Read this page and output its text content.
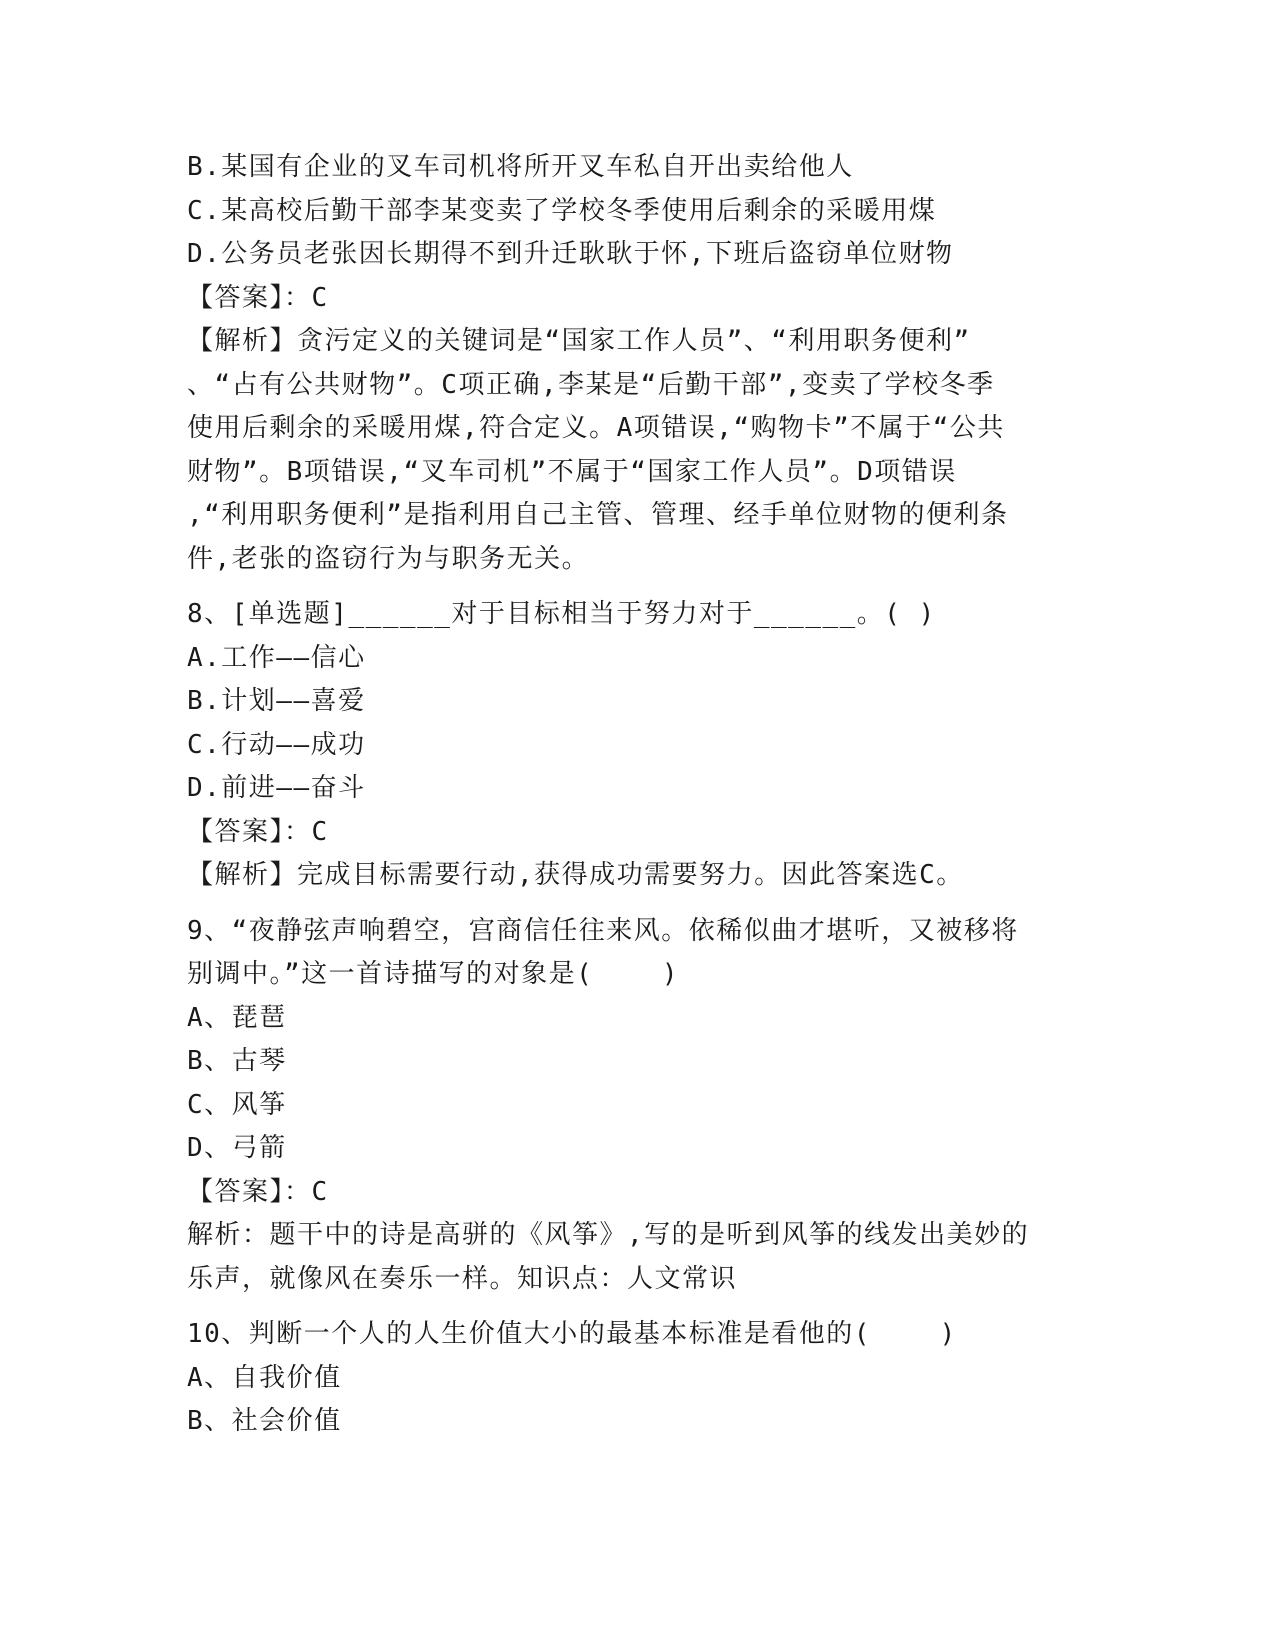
B.某国有企业的叉车司机将所开叉车私自开出卖给他人
C.某高校后勤干部李某变卖了学校冬季使用后剩余的采暖用煤
D.公务员老张因长期得不到升迁耿耿于怀,下班后盗窃单位财物
【答案】：C
【解析】贪污定义的关键词是“国家工作人员”、“利用职务便利”
、“占有公共财物”。C项正确,李某是“后勤干部”,变卖了学校冬季
使用后剩余的采暖用煤,符合定义。A项错误,“购物卡”不属于“公共
财物”。B项错误,“叉车司机”不属于“国家工作人员”。D项错误
,“利用职务便利”是指利用自己主管、管理、经手单位财物的便利条
件,老张的盗窃行为与职务无关。
8、[单选题]______对于目标相当于努力对于______。( )
A.工作——信心
B.计划——喜爱
C.行动——成功
D.前进——奋斗
【答案】：C
【解析】完成目标需要行动,获得成功需要努力。因此答案选C。
9、“夜静弦声响碧空，宫商信任往来风。依稀似曲才堪听，又被移将
别调中。”这一首诗描写的对象是(    )
A、琵琶
B、古琴
C、风筝
D、弓箭
【答案】：C
解析：题干中的诗是高骈的《风筝》,写的是听到风筝的线发出美妙的
乐声，就像风在奏乐一样。知识点：人文常识
10、判断一个人的人生价值大小的最基本标准是看他的(    )
A、自我价值
B、社会价值
